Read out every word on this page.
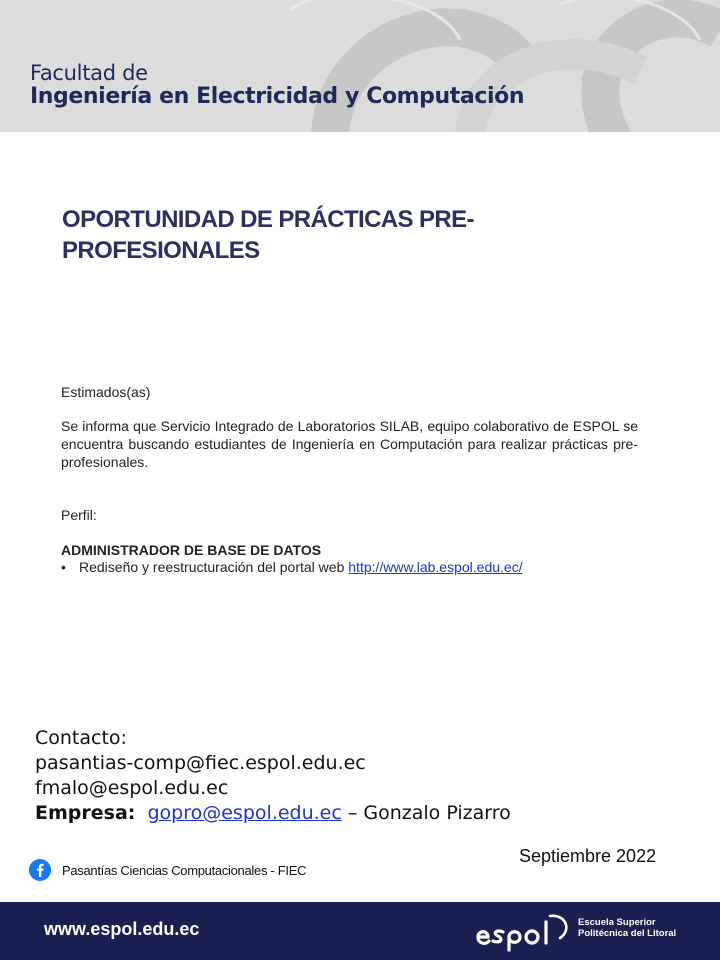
Facultad de
Ingeniería en Electricidad y Computación
OPORTUNIDAD DE PRÁCTICAS PRE-PROFESIONALES
Estimados(as)
Se informa que Servicio Integrado de Laboratorios SILAB, equipo colaborativo de ESPOL se encuentra buscando estudiantes de Ingeniería en Computación para realizar prácticas pre-profesionales.
Perfil:
ADMINISTRADOR DE BASE DE DATOS
• Rediseño y reestructuración del portal web http://www.lab.espol.edu.ec/
Contacto:
pasantias-comp@fiec.espol.edu.ec
fmalo@espol.edu.ec
Empresa: gopro@espol.edu.ec – Gonzalo Pizarro
Pasantías Ciencias Computacionales - FIEC
Septiembre 2022
www.espol.edu.ec	Escuela Superior
Politécnica del Litoral
